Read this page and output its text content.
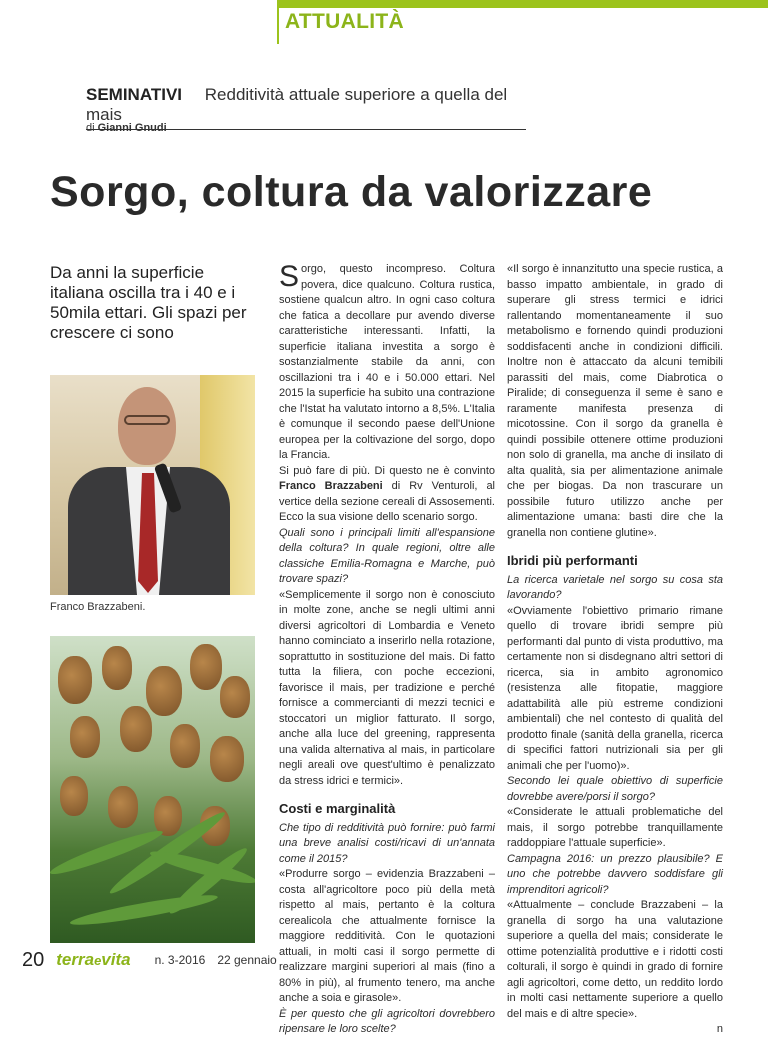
ATTUALITÀ
SEMINATIVI Redditività attuale superiore a quella del mais
di Gianni Gnudi
Sorgo, coltura da valorizzare
Da anni la superficie italiana oscilla tra i 40 e i 50mila ettari. Gli spazi per crescere ci sono
Franco Brazzabeni.

Sorgo, questo incompreso. Coltura povera, dice qualcuno. Coltura rustica, sostiene qualcun altro. In ogni caso coltura che fatica a decollare pur avendo diverse caratteristiche interessanti. Infatti, la superficie italiana investita a sorgo è sostanzialmente stabile da anni, con oscillazioni tra i 40 e i 50.000 ettari. Nel 2015 la superficie ha subito una contrazione che l'Istat ha valutato intorno a 8,5%. L'Italia è comunque il secondo paese dell'Unione europea per la coltivazione del sorgo, dopo la Francia.

Si può fare di più. Di questo ne è convinto Franco Brazzabeni di Rv Venturoli, al vertice della sezione cereali di Assosementi. Ecco la sua visione dello scenario sorgo.

Quali sono i principali limiti all'espansione della coltura? In quale regioni, oltre alle classiche Emilia-Romagna e Marche, può trovare spazi?

«Semplicemente il sorgo non è conosciuto in molte zone, anche se negli ultimi anni diversi agricoltori di Lombardia e Veneto hanno cominciato a inserirlo nella rotazione, soprattutto in sostituzione del mais. Di fatto tutta la filiera, con poche eccezioni, favorisce il mais, per tradizione e perché fornisce a commercianti di mezzi tecnici e stoccatori un miglior fatturato. Il sorgo, anche alla luce del greening, rappresenta una valida alternativa al mais, in particolare negli areali ove quest'ultimo è penalizzato da stress idrici e termici».

Costi e marginalità

Che tipo di redditività può fornire: può farmi una breve analisi costi/ricavi di un'annata come il 2015?

«Produrre sorgo – evidenzia Brazzabeni – costa all'agricoltore poco più della metà rispetto al mais, pertanto è la coltura cerealicola che attualmente fornisce la maggiore redditività. Con le quotazioni attuali, in molti casi il sorgo permette di realizzare margini superiori al mais (fino a 80% in più), al frumento tenero, ma anche anche a soia e girasole».

È per questo che gli agricoltori dovrebbero ripensare le loro scelte?

«Il sorgo è innanzitutto una specie rustica, a basso impatto ambientale, in grado di superare gli stress termici e idrici rallentando momentaneamente il suo metabolismo e fornendo quindi produzioni soddisfacenti anche in condizioni difficili. Inoltre non è attaccato da alcuni temibili parassiti del mais, come Diabrotica o Piralide; di conseguenza il seme è sano e raramente manifesta presenza di micotossine. Con il sorgo da granella è quindi possibile ottenere ottime produzioni non solo di granella, ma anche di insilato di alta qualità, sia per alimentazione animale che per biogas. Da non trascurare un possibile futuro utilizzo anche per alimentazione umana: basti dire che la granella non contiene glutine».

Ibridi più performanti

La ricerca varietale nel sorgo su cosa sta lavorando?

«Ovviamente l'obiettivo primario rimane quello di trovare ibridi sempre più performanti dal punto di vista produttivo, ma certamente non si disdegnano altri settori di ricerca, sia in ambito agronomico (resistenza alle fitopatie, maggiore adattabilità alle più estreme condizioni ambientali) che nel contesto di qualità del prodotto finale (sanità della granella, ricerca di specifici fattori nutrizionali sia per gli animali che per l'uomo)».

Secondo lei quale obiettivo di superficie dovrebbe avere/porsi il sorgo?

«Considerate le attuali problematiche del mais, il sorgo potrebbe tranquillamente raddoppiare l'attuale superficie».

Campagna 2016: un prezzo plausibile? E uno che potrebbe davvero soddisfare gli imprenditori agricoli?

«Attualmente – conclude Brazzabeni – la granella di sorgo ha una valutazione superiore a quella del mais; considerate le ottime potenzialità produttive e i ridotti costi colturali, il sorgo è quindi in grado di fornire agli agricoltori, come detto, un reddito lordo in molti casi nettamente superiore a quello del mais e di altre specie».

n

20 terraevita n. 3-2016 22 gennaio
